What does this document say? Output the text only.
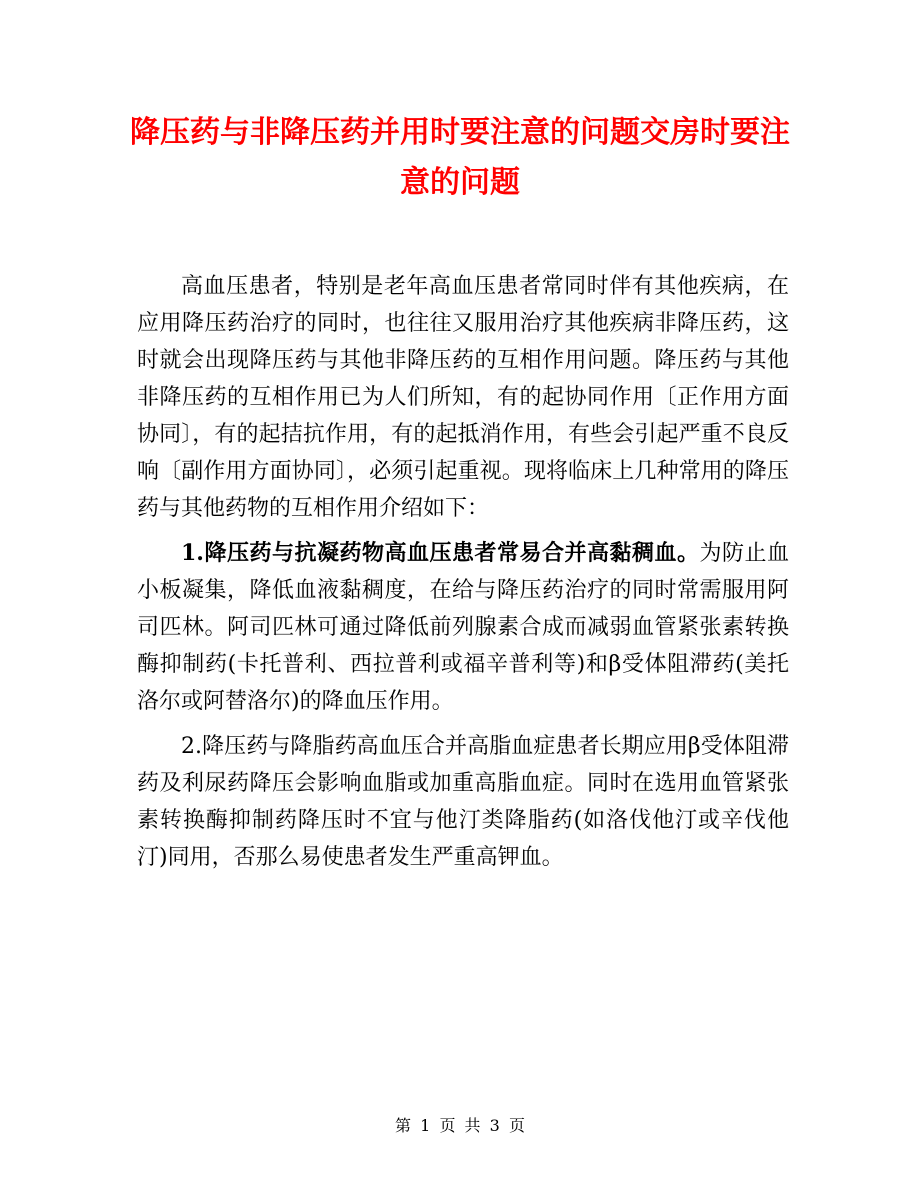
降压药与非降压药并用时要注意的问题交房时要注意的问题

高血压患者，特别是老年高血压患者常同时伴有其他疾病，在应用降压药治疗的同时，也往往又服用治疗其他疾病非降压药，这时就会出现降压药与其他非降压药的互相作用问题。降压药与其他非降压药的互相作用已为人们所知，有的起协同作用〔正作用方面协同〕，有的起拮抗作用，有的起抵消作用，有些会引起严重不良反响〔副作用方面协同〕，必须引起重视。现将临床上几种常用的降压药与其他药物的互相作用介绍如下：

1.降压药与抗凝药物高血压患者常易合并高黏稠血。为防止血小板凝集，降低血液黏稠度，在给与降压药治疗的同时常需服用阿司匹林。阿司匹林可通过降低前列腺素合成而减弱血管紧张素转换酶抑制药(卡托普利、西拉普利或福辛普利等)和β受体阻滞药(美托洛尔或阿替洛尔)的降血压作用。

2.降压药与降脂药高血压合并高脂血症患者长期应用β受体阻滞药及利尿药降压会影响血脂或加重高脂血症。同时在选用血管紧张素转换酶抑制药降压时不宜与他汀类降脂药(如洛伐他汀或辛伐他汀)同用，否那么易使患者发生严重高钾血。

第 1 页 共 3 页
